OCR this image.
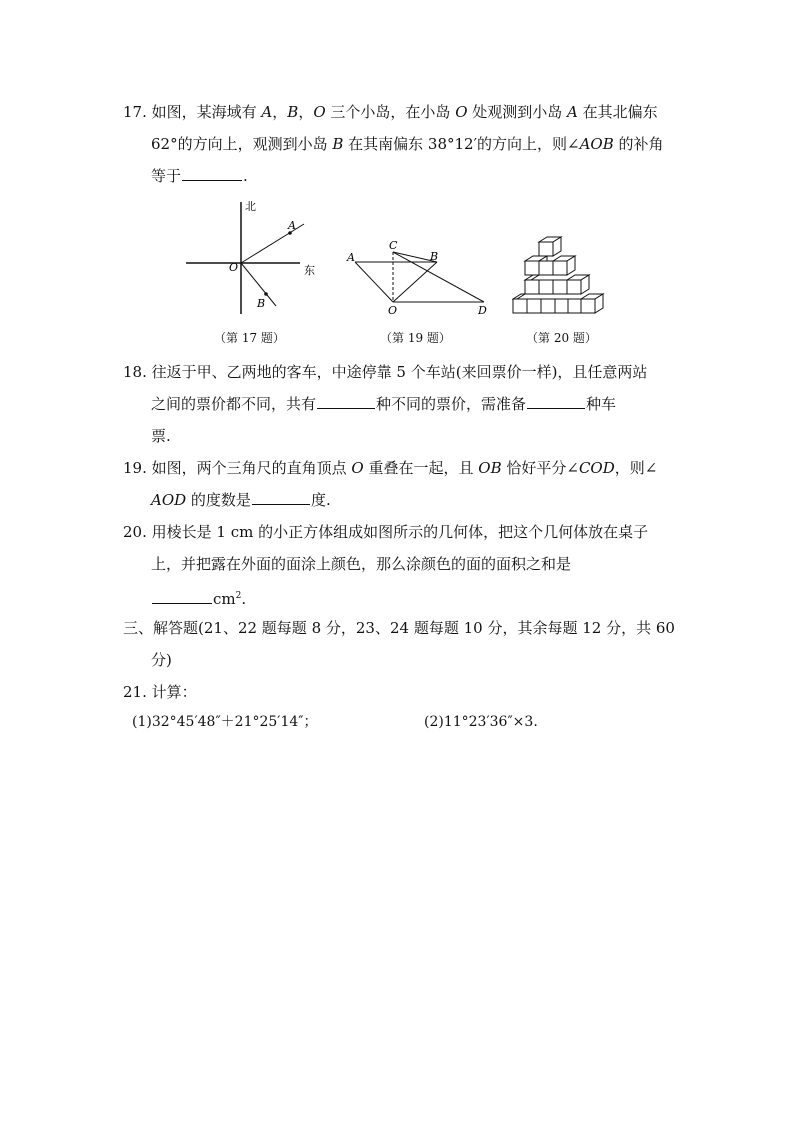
17. 如图，某海域有 A，B，O 三个小岛，在小岛 O 处观测到小岛 A 在其北偏东
62°的方向上，观测到小岛 B 在其南偏东 38°12′的方向上，则∠AOB 的补角
等于	.
北
东
A
B
O
（第 17 题）
A	B
C
O	D
（第 19 题）	（第 20 题）
18. 往返于甲、乙两地的客车，中途停靠 5 个车站(来回票价一样)，且任意两站
之间的票价都不同，共有	种不同的票价，需准备	种车
票.
19. 如图，两个三角尺的直角顶点 O 重叠在一起，且 OB 恰好平分∠COD，则∠
AOD 的度数是	度.
20. 用棱长是 1 cm 的小正方体组成如图所示的几何体，把这个几何体放在桌子
上，并把露在外面的面涂上颜色，那么涂颜色的面的面积之和是
$cm^2$.
三、解答题(21、22 题每题 8 分，23、24 题每题 10 分，其余每题 12 分，共 60
分)
21. 计算：
(1)32°45′48″＋21°25′14″；	(2)11°23′36″×3.
